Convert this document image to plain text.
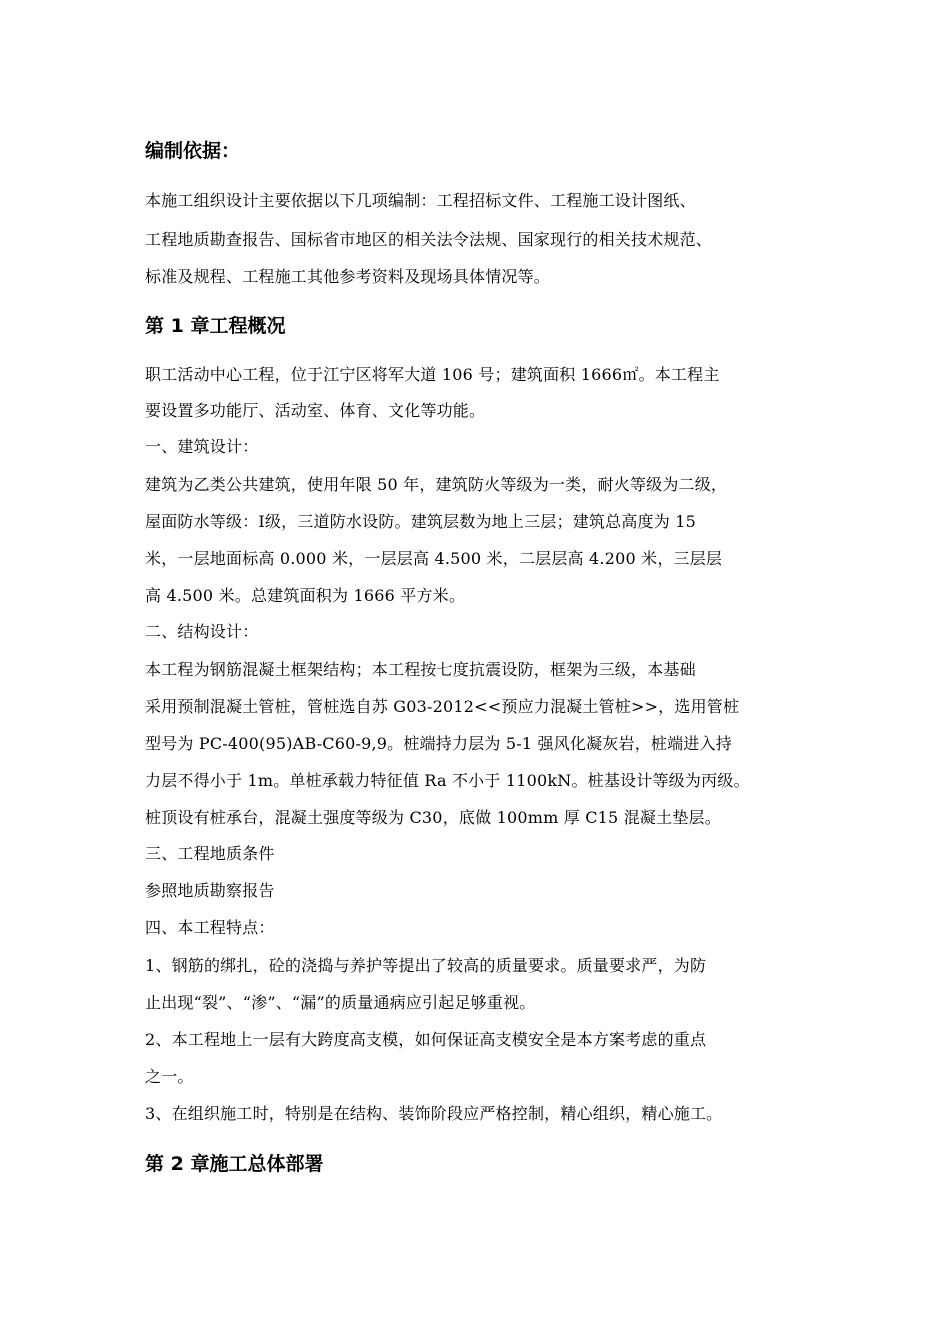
编制依据：

本施工组织设计主要依据以下几项编制：工程招标文件、工程施工设计图纸、

工程地质勘查报告、国标省市地区的相关法令法规、国家现行的相关技术规范、

标准及规程、工程施工其他参考资料及现场具体情况等。

第 1 章工程概况

职工活动中心工程，位于江宁区将军大道 106 号；建筑面积 1666㎡。本工程主

要设置多功能厅、活动室、体育、文化等功能。

一、建筑设计：

建筑为乙类公共建筑，使用年限 50 年，建筑防火等级为一类，耐火等级为二级，

屋面防水等级：Ⅰ级，三道防水设防。建筑层数为地上三层；建筑总高度为 15

米，一层地面标高 0.000 米，一层层高 4.500 米，二层层高 4.200 米，三层层

高 4.500 米。总建筑面积为 1666 平方米。

二、结构设计：

本工程为钢筋混凝土框架结构；本工程按七度抗震设防，框架为三级，本基础

采用预制混凝土管桩，管桩选自苏 G03-2012<<预应力混凝土管桩>>，选用管桩

型号为 PC-400(95)AB-C60-9,9。桩端持力层为 5-1 强风化凝灰岩，桩端进入持

力层不得小于 1m。单桩承载力特征值 Ra 不小于 1100kN。桩基设计等级为丙级。

桩顶设有桩承台，混凝土强度等级为 C30，底做 100mm 厚 C15 混凝土垫层。

三、工程地质条件

参照地质勘察报告

四、本工程特点：

1、钢筋的绑扎，砼的浇捣与养护等提出了较高的质量要求。质量要求严，为防

止出现“裂”、“渗”、“漏”的质量通病应引起足够重视。

2、本工程地上一层有大跨度高支模，如何保证高支模安全是本方案考虑的重点

之一。

3、在组织施工时，特别是在结构、装饰阶段应严格控制，精心组织，精心施工。

第 2 章施工总体部署
